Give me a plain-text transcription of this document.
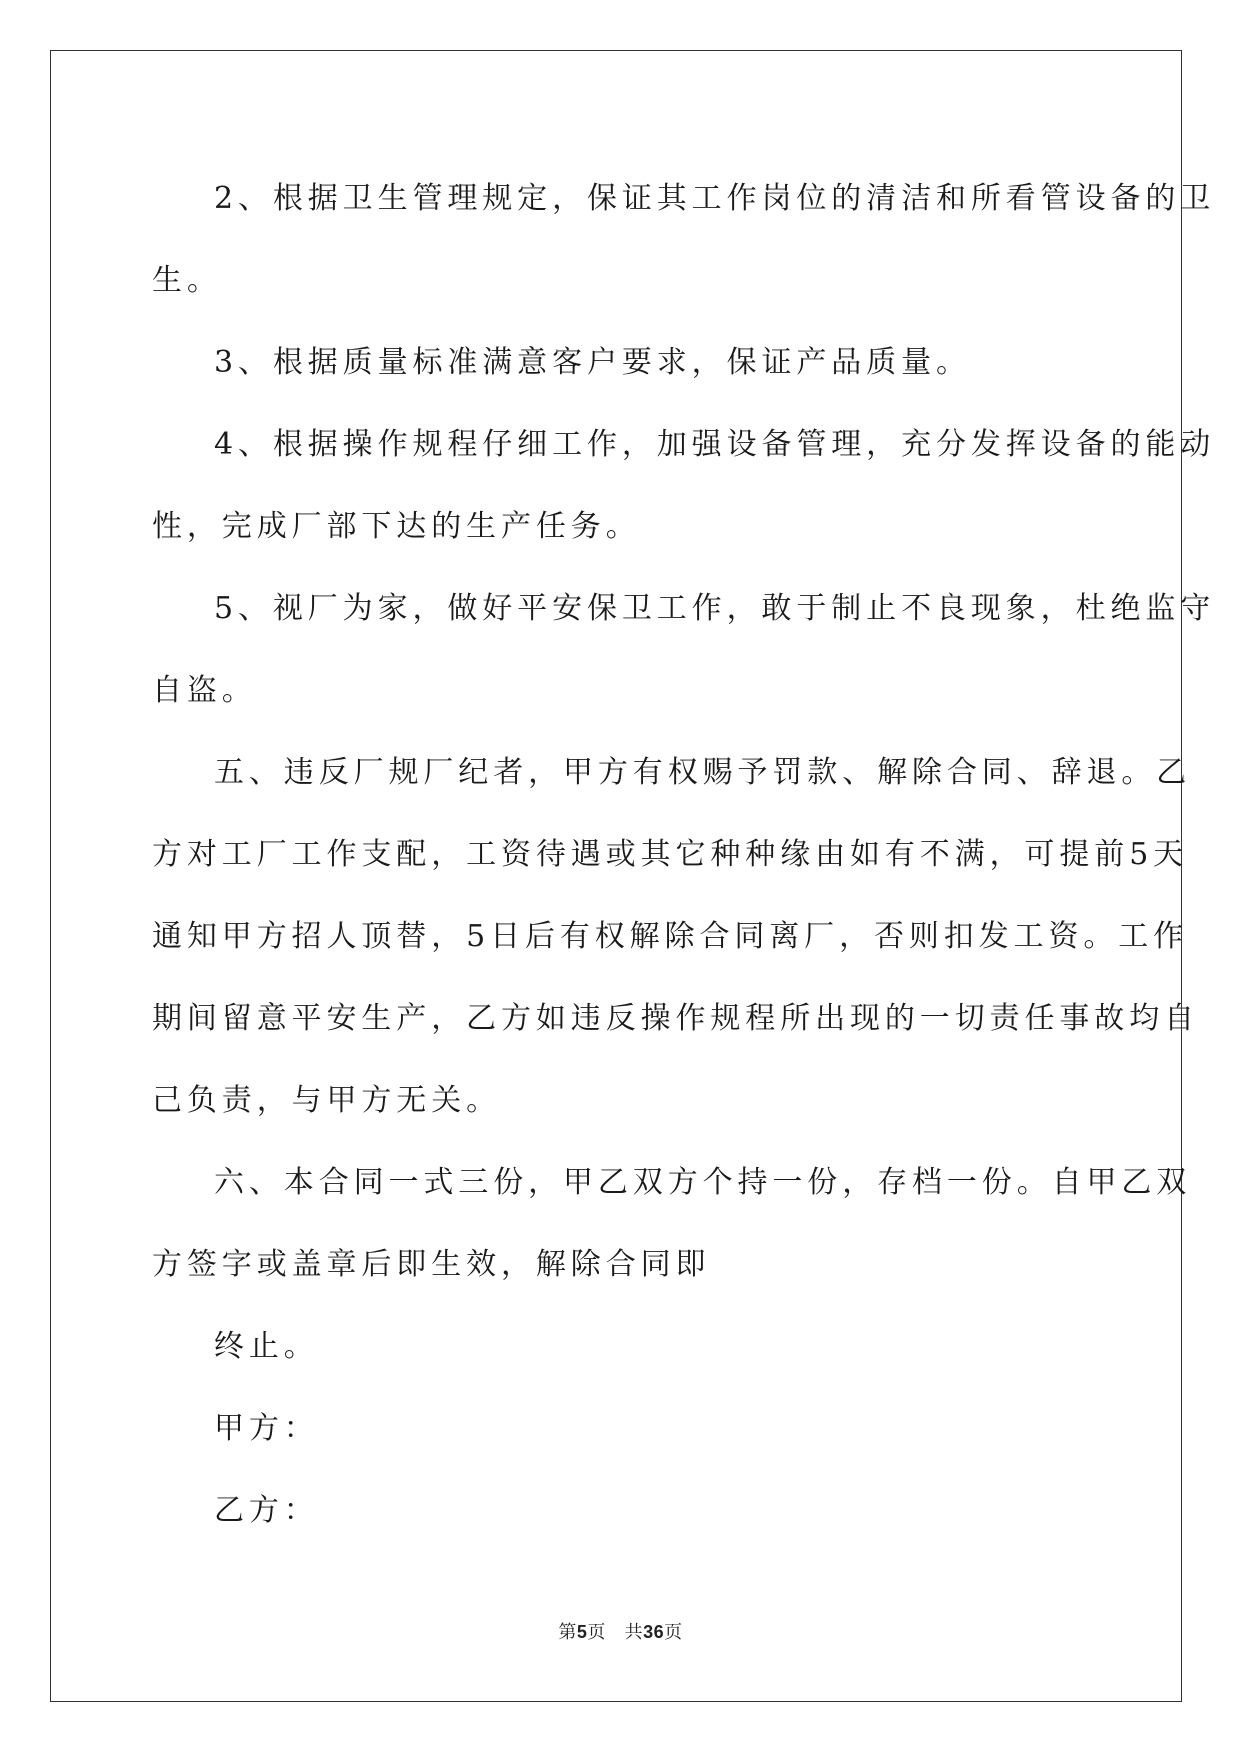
2、根据卫生管理规定，保证其工作岗位的清洁和所看管设备的卫

生。

3、根据质量标准满意客户要求，保证产品质量。

4、根据操作规程仔细工作，加强设备管理，充分发挥设备的能动

性，完成厂部下达的生产任务。

5、视厂为家，做好平安保卫工作，敢于制止不良现象，杜绝监守

自盗。

五、违反厂规厂纪者，甲方有权赐予罚款、解除合同、辞退。乙

方对工厂工作支配，工资待遇或其它种种缘由如有不满，可提前5天

通知甲方招人顶替，5日后有权解除合同离厂，否则扣发工资。工作

期间留意平安生产，乙方如违反操作规程所出现的一切责任事故均自

己负责，与甲方无关。

六、本合同一式三份，甲乙双方个持一份，存档一份。自甲乙双

方签字或盖章后即生效，解除合同即

终止。

甲方：

乙方：

第5页 共36页
